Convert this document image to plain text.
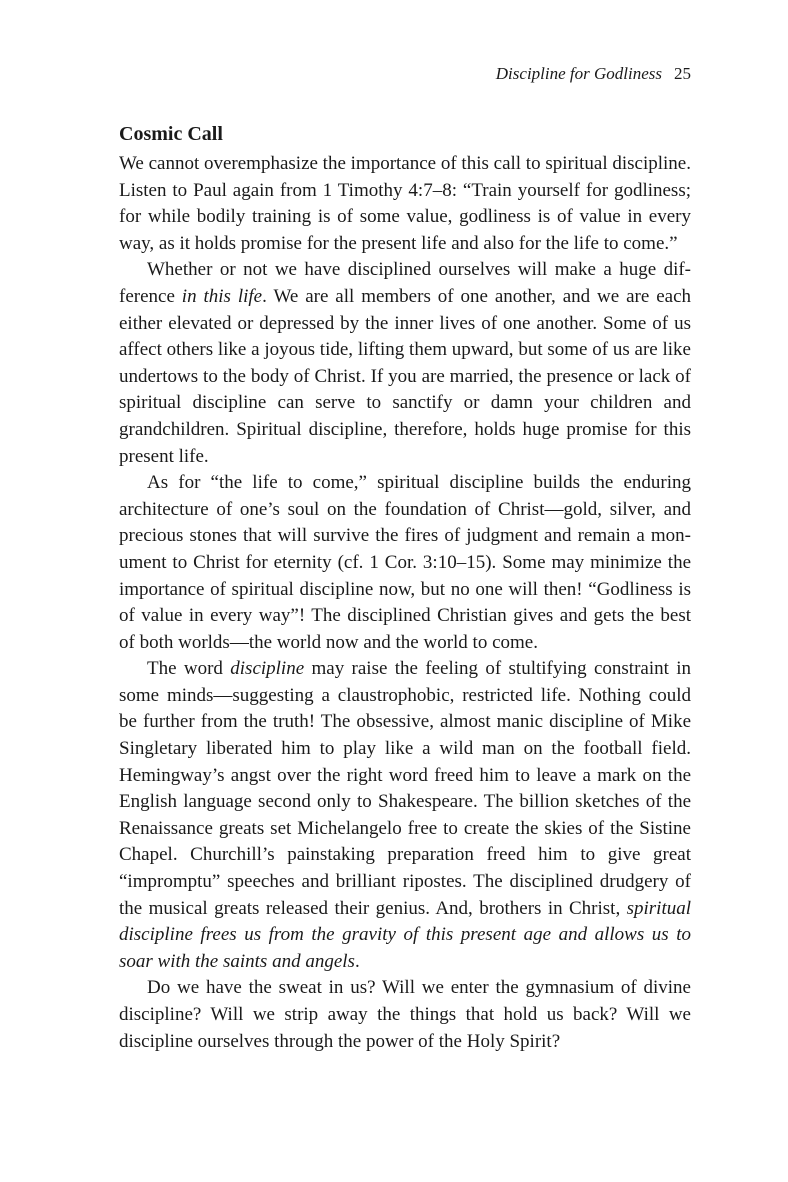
Discipline for Godliness 25
Cosmic Call

We cannot overemphasize the importance of this call to spiritual discipline. Listen to Paul again from 1 Timothy 4:7–8: “Train yourself for godliness; for while bodily training is of some value, godliness is of value in every way, as it holds promise for the present life and also for the life to come.”

Whether or not we have disciplined ourselves will make a huge difference in this life. We are all members of one another, and we are each either elevated or depressed by the inner lives of one another. Some of us affect others like a joyous tide, lifting them upward, but some of us are like undertows to the body of Christ. If you are married, the presence or lack of spiritual discipline can serve to sanctify or damn your children and grandchildren. Spiritual discipline, therefore, holds huge promise for this present life.

As for “the life to come,” spiritual discipline builds the enduring architecture of one’s soul on the foundation of Christ—gold, silver, and precious stones that will survive the fires of judgment and remain a monument to Christ for eternity (cf. 1 Cor. 3:10–15). Some may minimize the importance of spiritual discipline now, but no one will then! “Godliness is of value in every way”! The disciplined Christian gives and gets the best of both worlds—the world now and the world to come.

The word discipline may raise the feeling of stultifying constraint in some minds—suggesting a claustrophobic, restricted life. Nothing could be further from the truth! The obsessive, almost manic discipline of Mike Singletary liberated him to play like a wild man on the football field. Hemingway’s angst over the right word freed him to leave a mark on the English language second only to Shakespeare. The billion sketches of the Renaissance greats set Michelangelo free to create the skies of the Sistine Chapel. Churchill’s painstaking preparation freed him to give great “impromptu” speeches and brilliant ripostes. The disciplined drudgery of the musical greats released their genius. And, brothers in Christ, spiritual discipline frees us from the gravity of this present age and allows us to soar with the saints and angels.

Do we have the sweat in us? Will we enter the gymnasium of divine discipline? Will we strip away the things that hold us back? Will we discipline ourselves through the power of the Holy Spirit?
